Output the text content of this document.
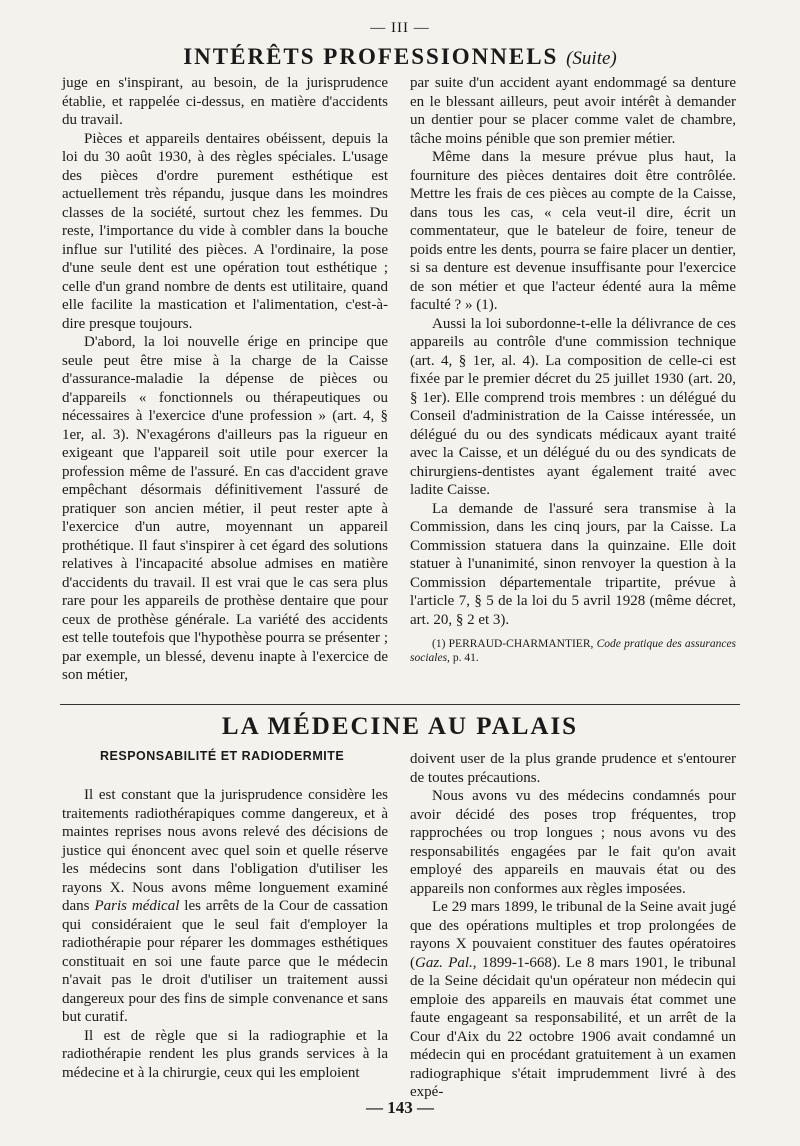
— III —
INTÉRÊTS PROFESSIONNELS (Suite)

juge en s'inspirant, au besoin, de la jurisprudence établie, et rappelée ci-dessus, en matière d'accidents du travail.

Pièces et appareils dentaires obéissent, depuis la loi du 30 août 1930, à des règles spéciales. L'usage des pièces d'ordre purement esthétique est actuellement très répandu, jusque dans les moindres classes de la société, surtout chez les femmes. Du reste, l'importance du vide à combler dans la bouche influe sur l'utilité des pièces. A l'ordinaire, la pose d'une seule dent est une opération tout esthétique ; celle d'un grand nombre de dents est utilitaire, quand elle facilite la mastication et l'alimentation, c'est-à-dire presque toujours.

D'abord, la loi nouvelle érige en principe que seule peut être mise à la charge de la Caisse d'assurance-maladie la dépense de pièces ou d'appareils « fonctionnels ou thérapeutiques ou nécessaires à l'exercice d'une profession » (art. 4, § 1er, al. 3). N'exagérons d'ailleurs pas la rigueur en exigeant que l'appareil soit utile pour exercer la profession même de l'assuré. En cas d'accident grave empêchant désormais définitivement l'assuré de pratiquer son ancien métier, il peut rester apte à l'exercice d'un autre, moyennant un appareil prothétique. Il faut s'inspirer à cet égard des solutions relatives à l'incapacité absolue admises en matière d'accidents du travail. Il est vrai que le cas sera plus rare pour les appareils de prothèse dentaire que pour ceux de prothèse générale. La variété des accidents est telle toutefois que l'hypothèse pourra se présenter ; par exemple, un blessé, devenu inapte à l'exercice de son métier,

par suite d'un accident ayant endommagé sa denture en le blessant ailleurs, peut avoir intérêt à demander un dentier pour se placer comme valet de chambre, tâche moins pénible que son premier métier.

Même dans la mesure prévue plus haut, la fourniture des pièces dentaires doit être contrôlée. Mettre les frais de ces pièces au compte de la Caisse, dans tous les cas, « cela veut-il dire, écrit un commentateur, que le bateleur de foire, teneur de poids entre les dents, pourra se faire placer un dentier, si sa denture est devenue insuffisante pour l'exercice de son métier et que l'acteur édenté aura la même faculté ? » (1).

Aussi la loi subordonne-t-elle la délivrance de ces appareils au contrôle d'une commission technique (art. 4, § 1er, al. 4). La composition de celle-ci est fixée par le premier décret du 25 juillet 1930 (art. 20, § 1er). Elle comprend trois membres : un délégué du Conseil d'administration de la Caisse intéressée, un délégué du ou des syndicats médicaux ayant traité avec la Caisse, et un délégué du ou des syndicats de chirurgiens-dentistes ayant également traité avec ladite Caisse.

La demande de l'assuré sera transmise à la Commission, dans les cinq jours, par la Caisse. La Commission statuera dans la quinzaine. Elle doit statuer à l'unanimité, sinon renvoyer la question à la Commission départementale tripartite, prévue à l'article 7, § 5 de la loi du 5 avril 1928 (même décret, art. 20, § 2 et 3).

(1) PERRAUD-CHARMANTIER, Code pratique des assurances sociales, p. 41.

LA MÉDECINE AU PALAIS
RESPONSABILITÉ ET RADIODERMITE

Il est constant que la jurisprudence considère les traitements radiothérapiques comme dangereux, et à maintes reprises nous avons relevé des décisions de justice qui énoncent avec quel soin et quelle réserve les médecins sont dans l'obligation d'utiliser les rayons X. Nous avons même longuement examiné dans Paris médical les arrêts de la Cour de cassation qui considéraient que le seul fait d'employer la radiothérapie pour réparer les dommages esthétiques constituait en soi une faute parce que le médecin n'avait pas le droit d'utiliser un traitement aussi dangereux pour des fins de simple convenance et sans but curatif.

Il est de règle que si la radiographie et la radiothérapie rendent les plus grands services à la médecine et à la chirurgie, ceux qui les emploient

doivent user de la plus grande prudence et s'entourer de toutes précautions.

Nous avons vu des médecins condamnés pour avoir décidé des poses trop fréquentes, trop rapprochées ou trop longues ; nous avons vu des responsabilités engagées par le fait qu'on avait employé des appareils en mauvais état ou des appareils non conformes aux règles imposées.

Le 29 mars 1899, le tribunal de la Seine avait jugé que des opérations multiples et trop prolongées de rayons X pouvaient constituer des fautes opératoires (Gaz. Pal., 1899-1-668). Le 8 mars 1901, le tribunal de la Seine décidait qu'un opérateur non médecin qui emploie des appareils en mauvais état commet une faute engageant sa responsabilité, et un arrêt de la Cour d'Aix du 22 octobre 1906 avait condamné un médecin qui en procédant gratuitement à un examen radiographique s'était imprudemment livré à des expé-

— 143 —
